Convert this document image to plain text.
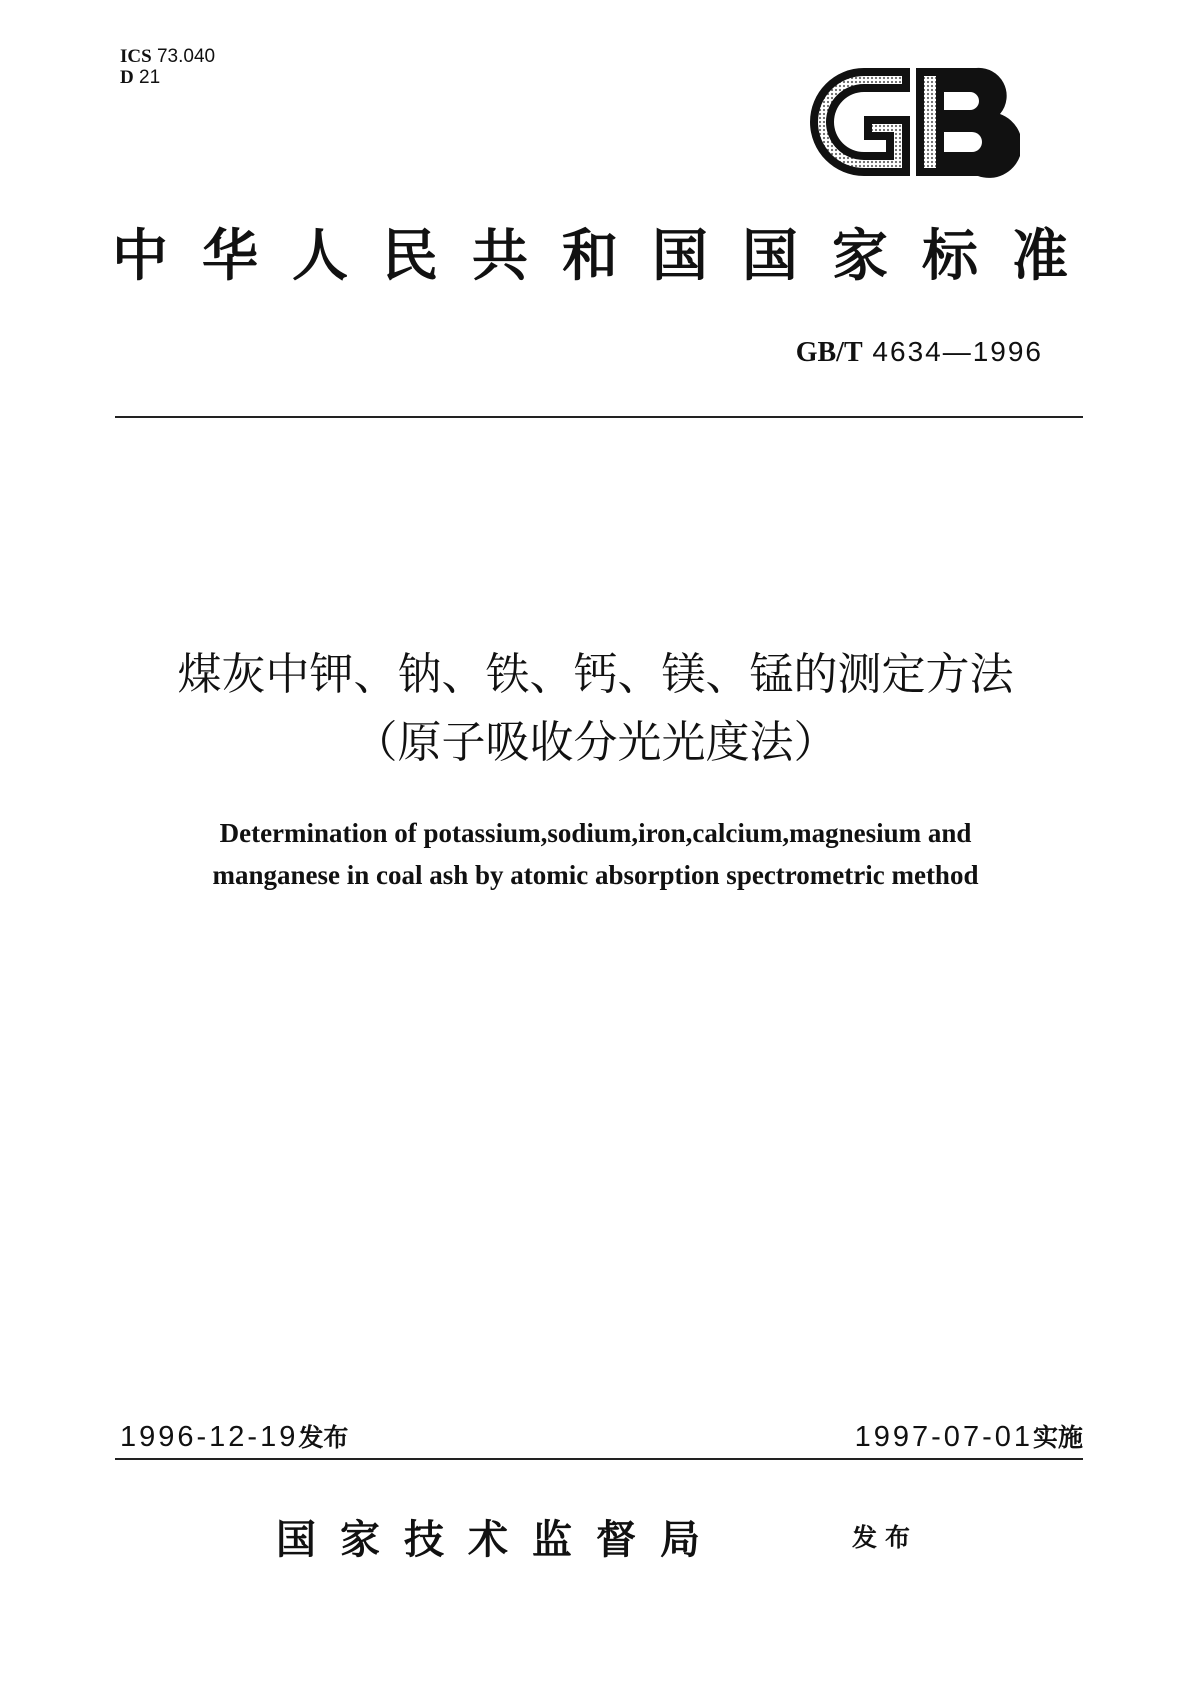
ICS 73.040
D 21
中 华 人 民 共 和 国 国 家 标 准
GB/T 4634—1996
煤灰中钾、钠、铁、钙、镁、锰的测定方法
（原子吸收分光光度法）
Determination of potassium,sodium,iron,calcium,magnesium and
manganese in coal ash by atomic absorption spectrometric method
1996-12-19发布	1997-07-01实施
国家技术监督局	发布
